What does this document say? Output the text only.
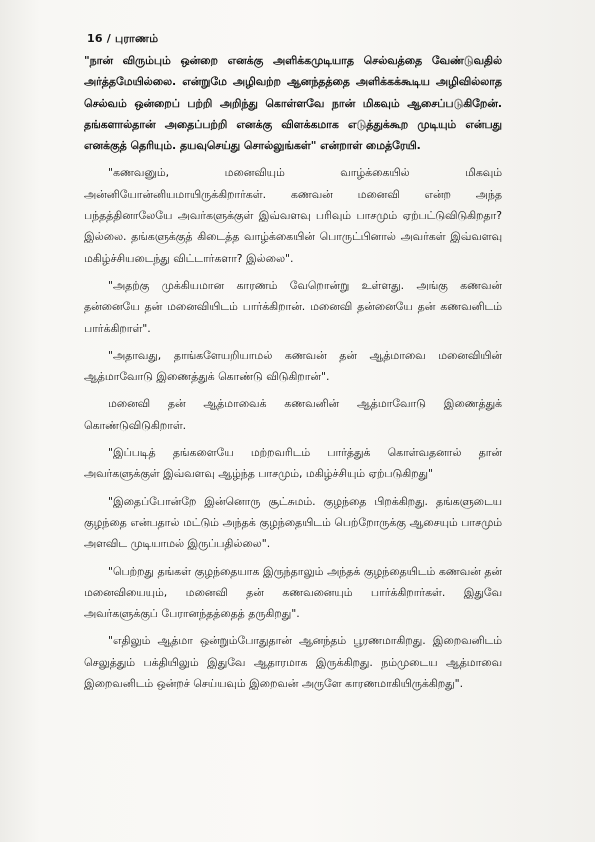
16 / புராணம்

"நான் விரும்பும் ஒன்றை எனக்கு அளிக்கமுடியாத செல்வத்தை வேண்டுவதில் அர்த்தமேயில்லை. என்றுமே அழிவற்ற ஆனந்தத்தை அளிக்கக்கூடிய அழிவில்லாத செல்வம் ஒன்றைப் பற்றி அறிந்து கொள்ளவே நான் மிகவும் ஆசைப்படுகிறேன். தங்களால்தான் அதைப்பற்றி எனக்கு விளக்கமாக எடுத்துக்கூற முடியும் என்பது எனக்குத் தெரியும். தயவுசெய்து சொல்லுங்கள்" என்றாள் மைத்ரேயி.

"கணவனும், மனைவியும் வாழ்க்கையில் மிகவும் அன்னியோன்னியமாயிருக்கிறார்கள். கணவன் மனைவி என்ற அந்த பந்தத்தினாலேயே அவர்களுக்குள் இவ்வளவு பரிவும் பாசமும் ஏற்பட்டுவிடுகிறதா? இல்லை. தங்களுக்குத் கிடைத்த வாழ்க்கையின் பொருட்பினால் அவர்கள் இவ்வளவு மகிழ்ச்சியடைந்து விட்டார்களா? இல்லை".

"அதற்கு முக்கியமான காரணம் வேறொன்று உள்ளது. அங்கு கணவன் தன்னையே தன் மனைவியிடம் பார்க்கிறான். மனைவி தன்னையே தன் கணவனிடம் பார்க்கிறாள்".

"அதாவது, தாங்களேயறியாமல் கணவன் தன் ஆத்மாவை மனைவியின் ஆத்மாவோடு இணைத்துக் கொண்டு விடுகிறான்".

மனைவி தன் ஆத்மாவைக் கணவனின் ஆத்மாவோடு இணைத்துக் கொண்டுவிடுகிறாள்.

"இப்படித் தங்களையே மற்றவரிடம் பார்த்துக் கொள்வதனால் தான் அவர்களுக்குள் இவ்வளவு ஆழ்ந்த பாசமும், மகிழ்ச்சியும் ஏற்படுகிறது"

"இதைப்போன்றே இன்னொரு சூட்சுமம். குழந்தை பிறக்கிறது. தங்களுடைய குழந்தை என்பதால் மட்டும் அந்தக் குழந்தையிடம் பெற்றோருக்கு ஆசையும் பாசமும் அளவிட முடியாமல் இருப்பதில்லை".

"பெற்றது தங்கள் குழந்தையாக இருந்தாலும் அந்தக் குழந்தையிடம் கணவன் தன் மனைவியையும், மனைவி தன் கணவனையும் பார்க்கிறார்கள். இதுவே அவர்களுக்குப் பேரானந்தத்தைத் தருகிறது".

"எதிலும் ஆத்மா ஒன்றும்போதுதான் ஆனந்தம் பூரணமாகிறது. இறைவனிடம் செலுத்தும் பக்தியிலும் இதுவே ஆதாரமாக இருக்கிறது. நம்முடைய ஆத்மாவை இறைவனிடம் ஒன்றச் செய்யவும் இறைவன் அருளே காரணமாகியிருக்கிறது".
